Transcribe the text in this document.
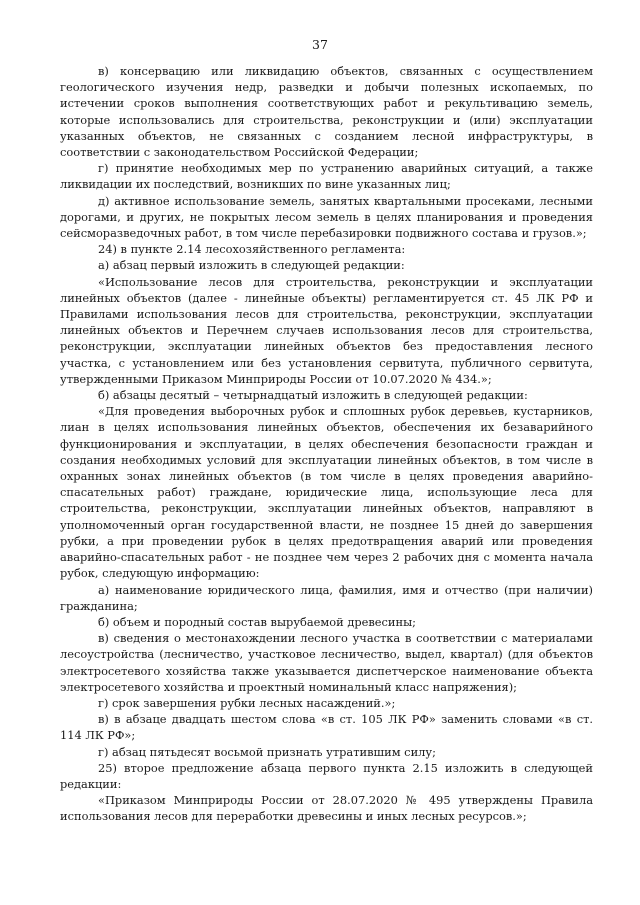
37

в) консервацию или ликвидацию объектов, связанных с осуществлением геологического изучения недр, разведки и добычи полезных ископаемых, по истечении сроков выполнения соответствующих работ и рекультивацию земель, которые использовались для строительства, реконструкции и (или) эксплуатации указанных объектов, не связанных с созданием лесной инфраструктуры, в соответствии с законодательством Российской Федерации;

г) принятие необходимых мер по устранению аварийных ситуаций, а также ликвидации их последствий, возникших по вине указанных лиц;

д) активное использование земель, занятых квартальными просеками, лесными дорогами, и других, не покрытых лесом земель в целях планирования и проведения сейсморазведочных работ, в том числе перебазировки подвижного состава и грузов.»;

24) в пункте 2.14 лесохозяйственного регламента:

а) абзац первый изложить в следующей редакции:

«Использование лесов для строительства, реконструкции и эксплуатации линейных объектов (далее - линейные объекты) регламентируется ст. 45 ЛК РФ и Правилами использования лесов для строительства, реконструкции, эксплуатации линейных объектов и Перечнем случаев использования лесов для строительства, реконструкции, эксплуатации линейных объектов без предоставления лесного участка, с установлением или без установления сервитута, публичного сервитута, утвержденными Приказом Минприроды России от 10.07.2020 № 434.»;

б) абзацы десятый – четырнадцатый изложить в следующей редакции:

«Для проведения выборочных рубок и сплошных рубок деревьев, кустарников, лиан в целях использования линейных объектов, обеспечения их безаварийного функционирования и эксплуатации, в целях обеспечения безопасности граждан и создания необходимых условий для эксплуатации линейных объектов, в том числе в охранных зонах линейных объектов (в том числе в целях проведения аварийно-спасательных работ) граждане, юридические лица, использующие леса для строительства, реконструкции, эксплуатации линейных объектов, направляют в уполномоченный орган государственной власти, не позднее 15 дней до завершения рубки, а при проведении рубок в целях предотвращения аварий или проведения аварийно-спасательных работ - не позднее чем через 2 рабочих дня с момента начала рубок, следующую информацию:

а) наименование юридического лица, фамилия, имя и отчество (при наличии) гражданина;

б) объем и породный состав вырубаемой древесины;

в) сведения о местонахождении лесного участка в соответствии с материалами лесоустройства (лесничество, участковое лесничество, выдел, квартал) (для объектов электросетевого хозяйства также указывается диспетчерское наименование объекта электросетевого хозяйства и проектный номинальный класс напряжения);

г) срок завершения рубки лесных насаждений.»;

в) в абзаце двадцать шестом слова «в ст. 105 ЛК РФ» заменить словами «в ст. 114 ЛК РФ»;

г) абзац пятьдесят восьмой признать утратившим силу;

25) второе предложение абзаца первого пункта 2.15 изложить в следующей редакции:

«Приказом Минприроды России от 28.07.2020 № 495 утверждены Правила использования лесов для переработки древесины и иных лесных ресурсов.»;
